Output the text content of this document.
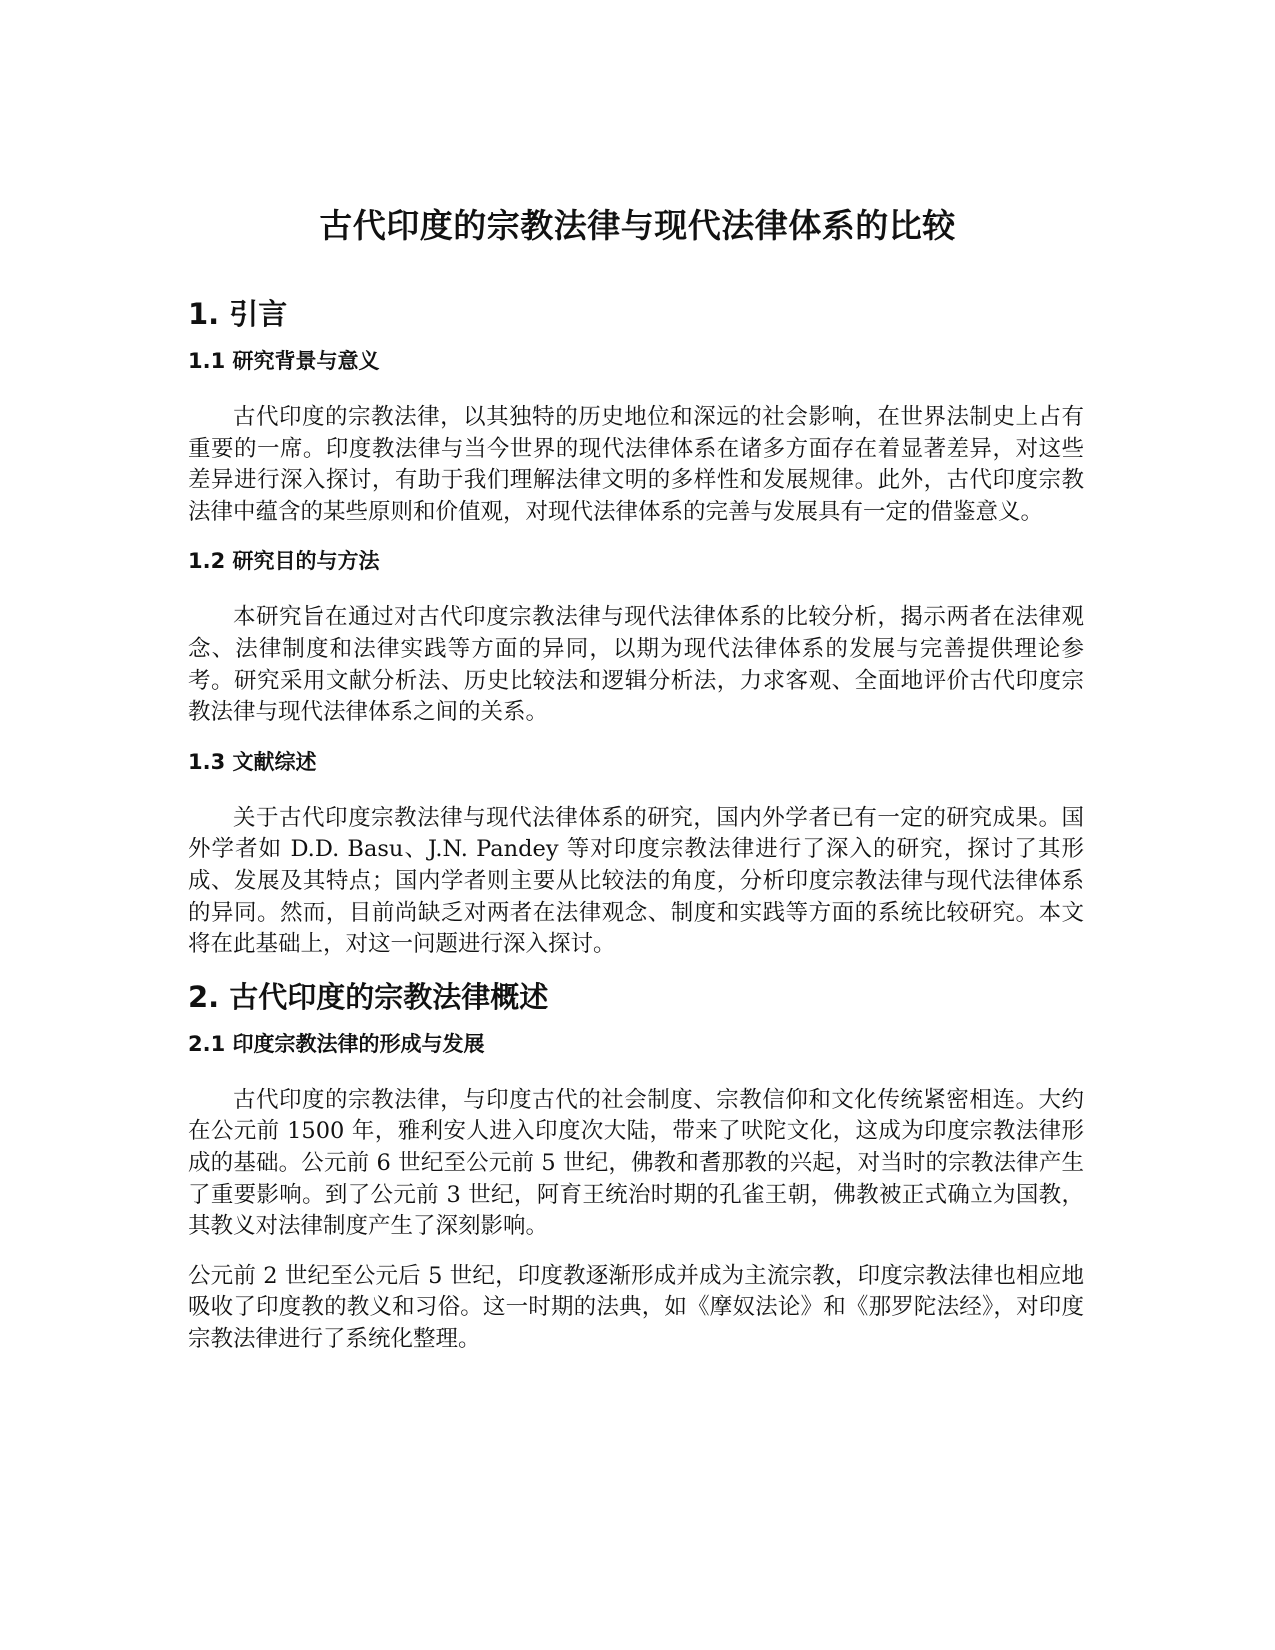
古代印度的宗教法律与现代法律体系的比较
1. 引言
1.1 研究背景与意义

古代印度的宗教法律，以其独特的历史地位和深远的社会影响，在世界法制史上占有重要的一席。印度教法律与当今世界的现代法律体系在诸多方面存在着显著差异，对这些差异进行深入探讨，有助于我们理解法律文明的多样性和发展规律。此外，古代印度宗教法律中蕴含的某些原则和价值观，对现代法律体系的完善与发展具有一定的借鉴意义。

1.2 研究目的与方法

本研究旨在通过对古代印度宗教法律与现代法律体系的比较分析，揭示两者在法律观念、法律制度和法律实践等方面的异同，以期为现代法律体系的发展与完善提供理论参考。研究采用文献分析法、历史比较法和逻辑分析法，力求客观、全面地评价古代印度宗教法律与现代法律体系之间的关系。

1.3 文献综述

关于古代印度宗教法律与现代法律体系的研究，国内外学者已有一定的研究成果。国外学者如 D.D. Basu、J.N. Pandey 等对印度宗教法律进行了深入的研究，探讨了其形成、发展及其特点；国内学者则主要从比较法的角度，分析印度宗教法律与现代法律体系的异同。然而，目前尚缺乏对两者在法律观念、制度和实践等方面的系统比较研究。本文将在此基础上，对这一问题进行深入探讨。

2. 古代印度的宗教法律概述
2.1 印度宗教法律的形成与发展

古代印度的宗教法律，与印度古代的社会制度、宗教信仰和文化传统紧密相连。大约在公元前 1500 年，雅利安人进入印度次大陆，带来了吠陀文化，这成为印度宗教法律形成的基础。公元前 6 世纪至公元前 5 世纪，佛教和耆那教的兴起，对当时的宗教法律产生了重要影响。到了公元前 3 世纪，阿育王统治时期的孔雀王朝，佛教被正式确立为国教，其教义对法律制度产生了深刻影响。

公元前 2 世纪至公元后 5 世纪，印度教逐渐形成并成为主流宗教，印度宗教法律也相应地吸收了印度教的教义和习俗。这一时期的法典，如《摩奴法论》和《那罗陀法经》，对印度宗教法律进行了系统化整理。
